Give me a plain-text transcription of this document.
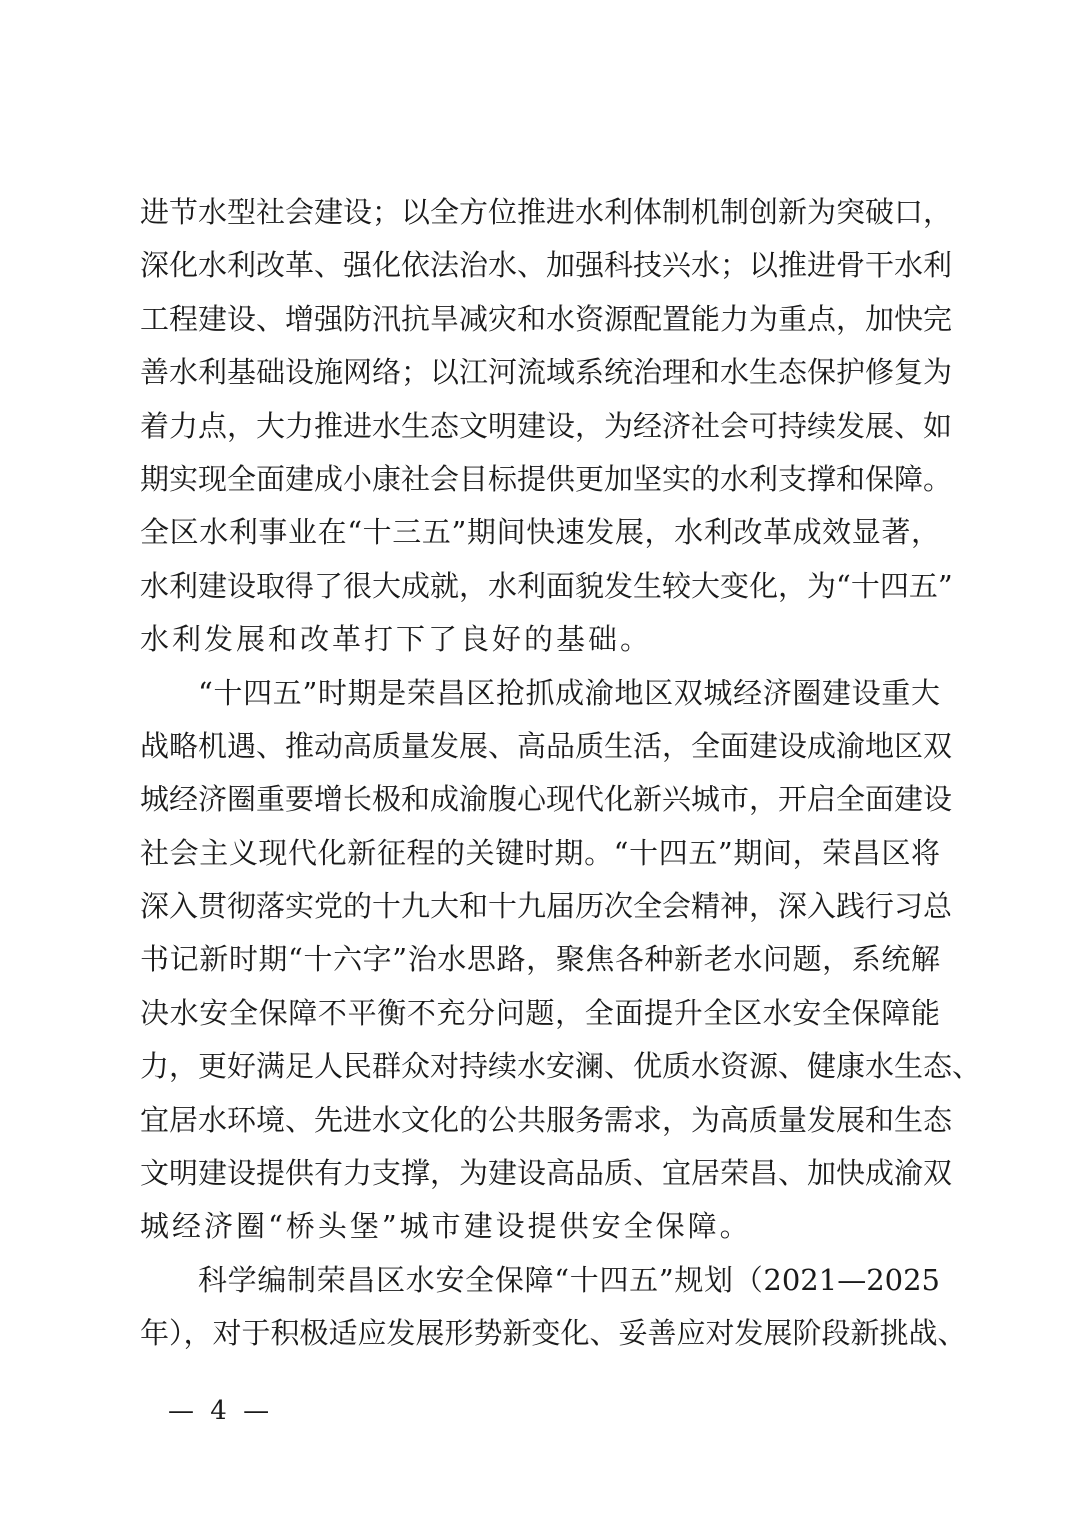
进节水型社会建设；以全方位推进水利体制机制创新为突破口，
深化水利改革、强化依法治水、加强科技兴水；以推进骨干水利
工程建设、增强防汛抗旱减灾和水资源配置能力为重点，加快完
善水利基础设施网络；以江河流域系统治理和水生态保护修复为
着力点，大力推进水生态文明建设，为经济社会可持续发展、如
期实现全面建成小康社会目标提供更加坚实的水利支撑和保障。
全区水利事业在“十三五”期间快速发展，水利改革成效显著，
水利建设取得了很大成就，水利面貌发生较大变化，为“十四五”
水利发展和改革打下了良好的基础。
“十四五”时期是荣昌区抢抓成渝地区双城经济圈建设重大
战略机遇、推动高质量发展、高品质生活，全面建设成渝地区双
城经济圈重要增长极和成渝腹心现代化新兴城市，开启全面建设
社会主义现代化新征程的关键时期。“十四五”期间，荣昌区将
深入贯彻落实党的十九大和十九届历次全会精神，深入践行习总
书记新时期“十六字”治水思路，聚焦各种新老水问题，系统解
决水安全保障不平衡不充分问题，全面提升全区水安全保障能
力，更好满足人民群众对持续水安澜、优质水资源、健康水生态、
宜居水环境、先进水文化的公共服务需求，为高质量发展和生态
文明建设提供有力支撑，为建设高品质、宜居荣昌、加快成渝双
城经济圈“桥头堡”城市建设提供安全保障。
科学编制荣昌区水安全保障“十四五”规划（2021—2025
年），对于积极适应发展形势新变化、妥善应对发展阶段新挑战、
— 4 —
